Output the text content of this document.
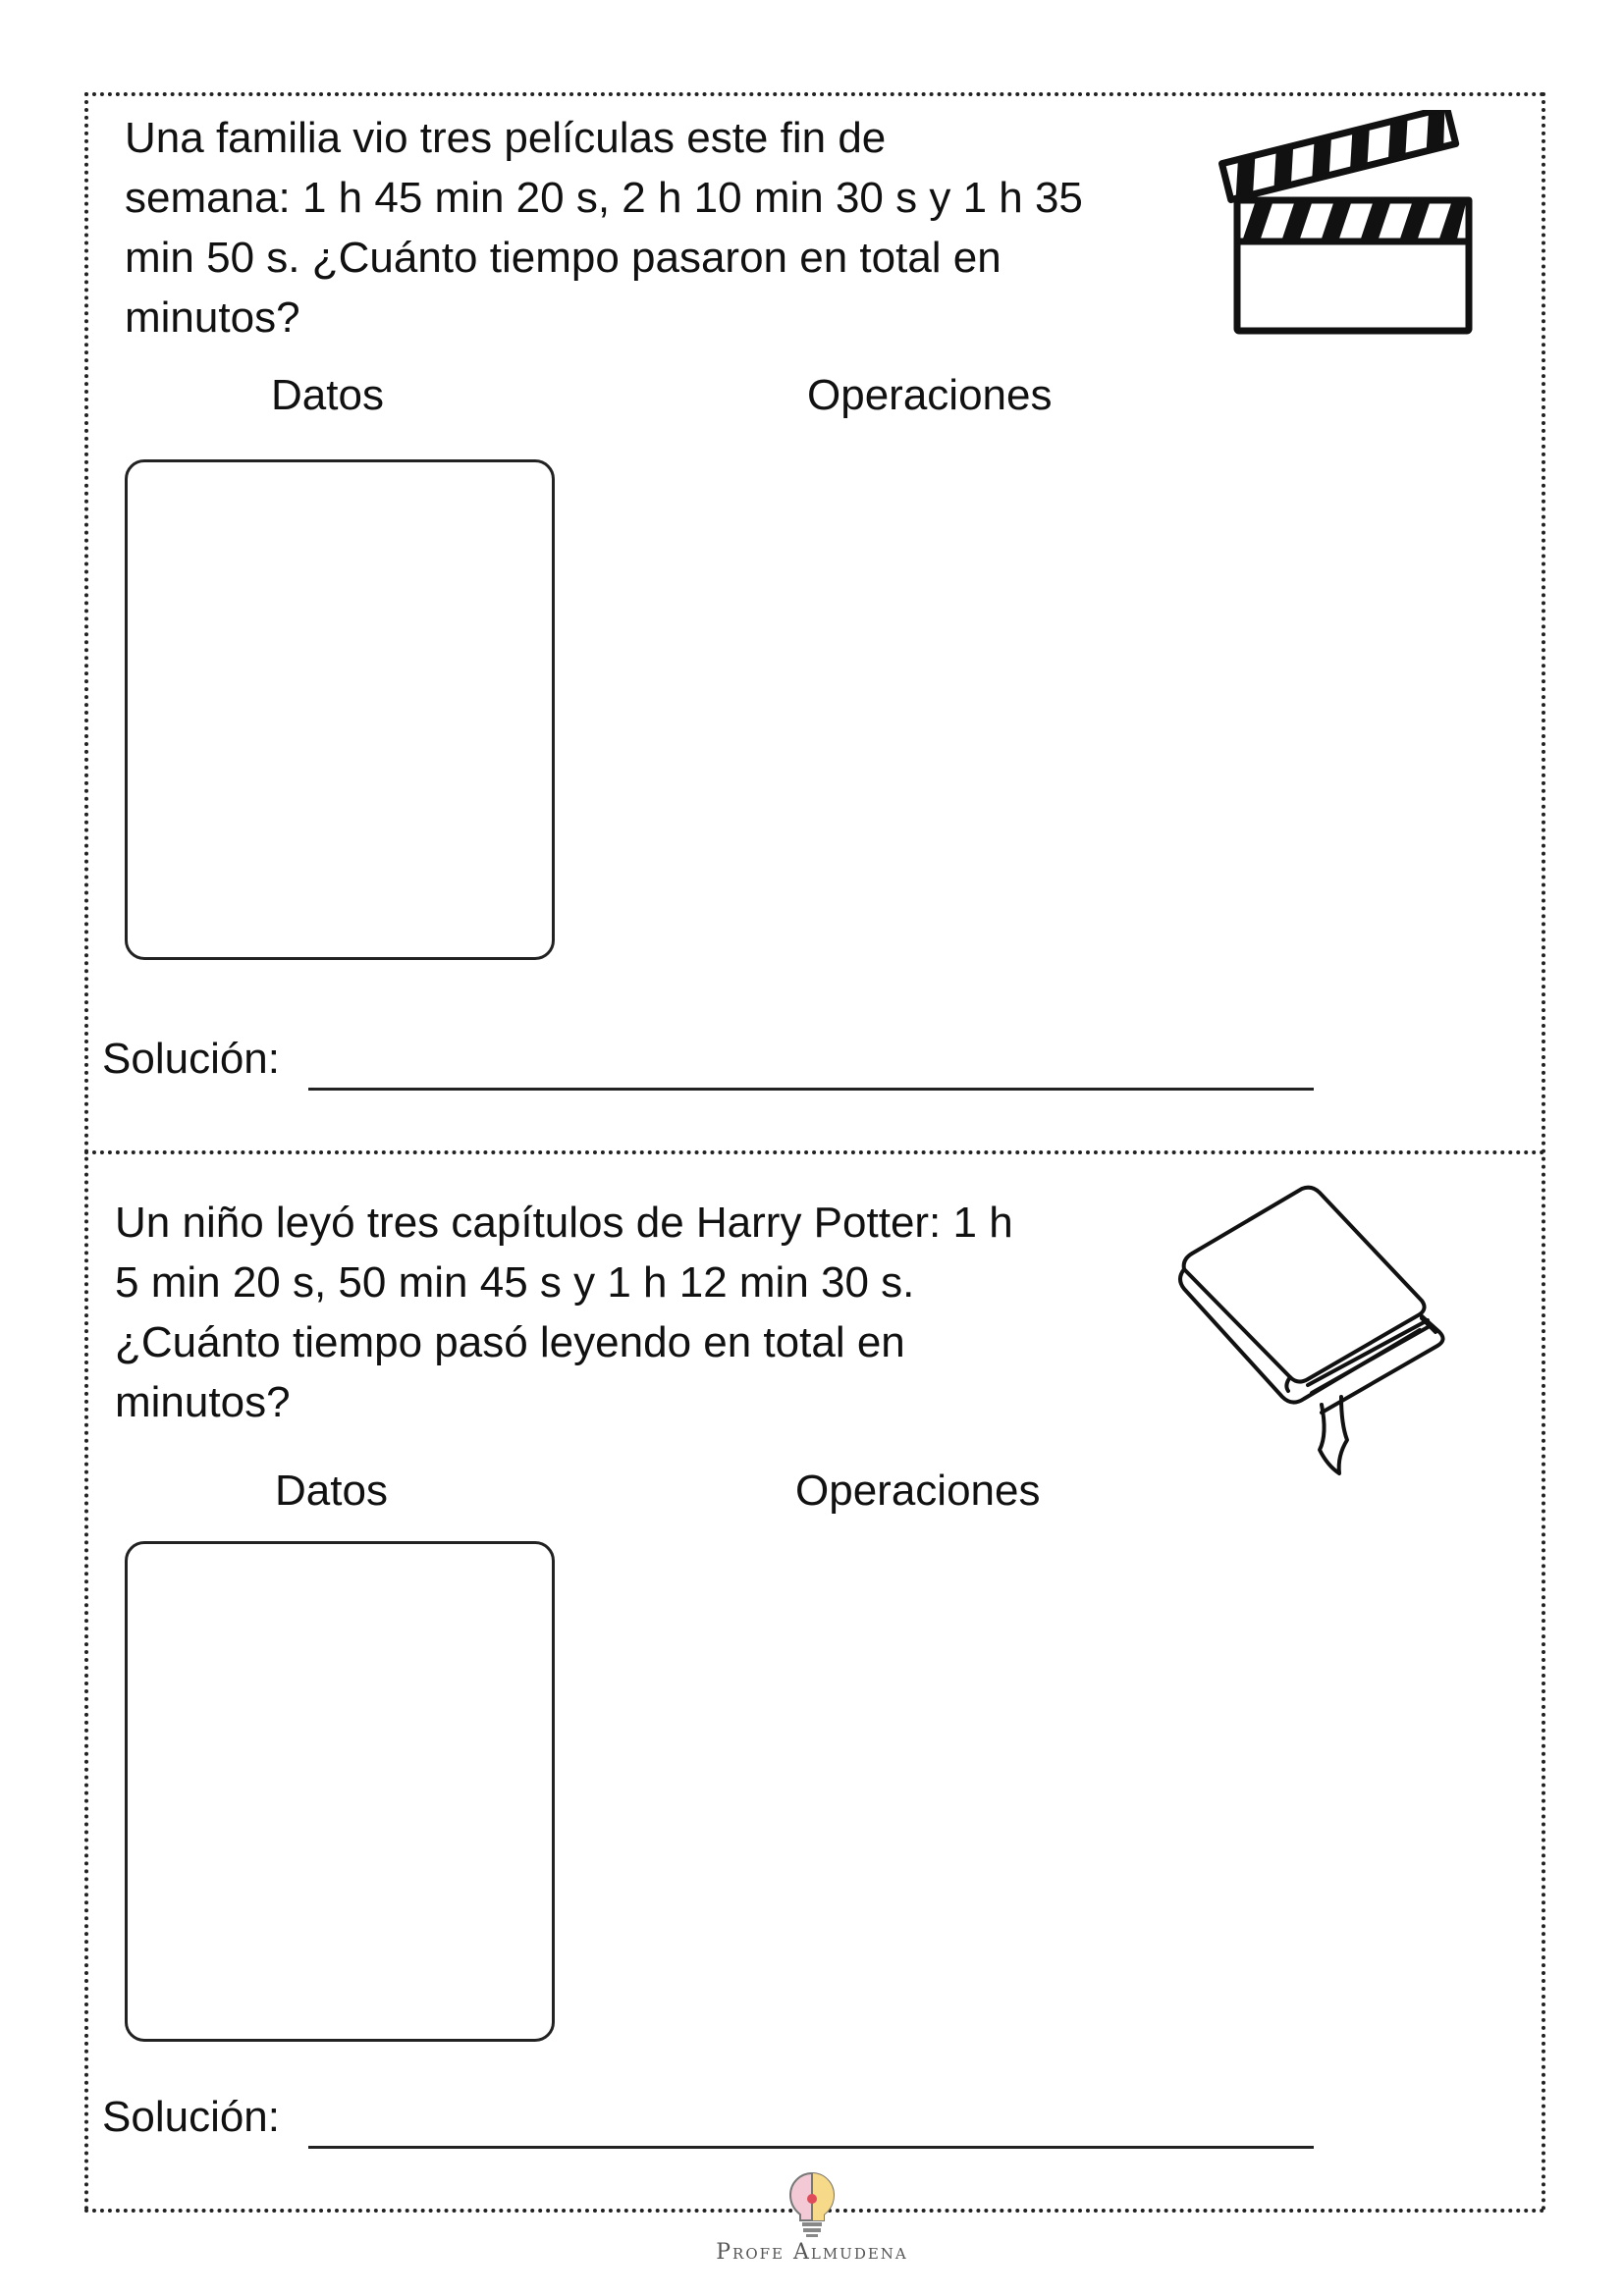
Una familia vio tres películas este fin de
semana: 1 h 45 min 20 s, 2 h 10 min 30 s y 1 h 35
min 50 s. ¿Cuánto tiempo pasaron en total en
minutos?
Datos	Operaciones
Solución:
Un niño leyó tres capítulos de Harry Potter: 1 h
5 min 20 s, 50 min 45 s y 1 h 12 min 30 s.
¿Cuánto tiempo pasó leyendo en total en
minutos?
Datos	Operaciones
Solución:
Profe Almudena
